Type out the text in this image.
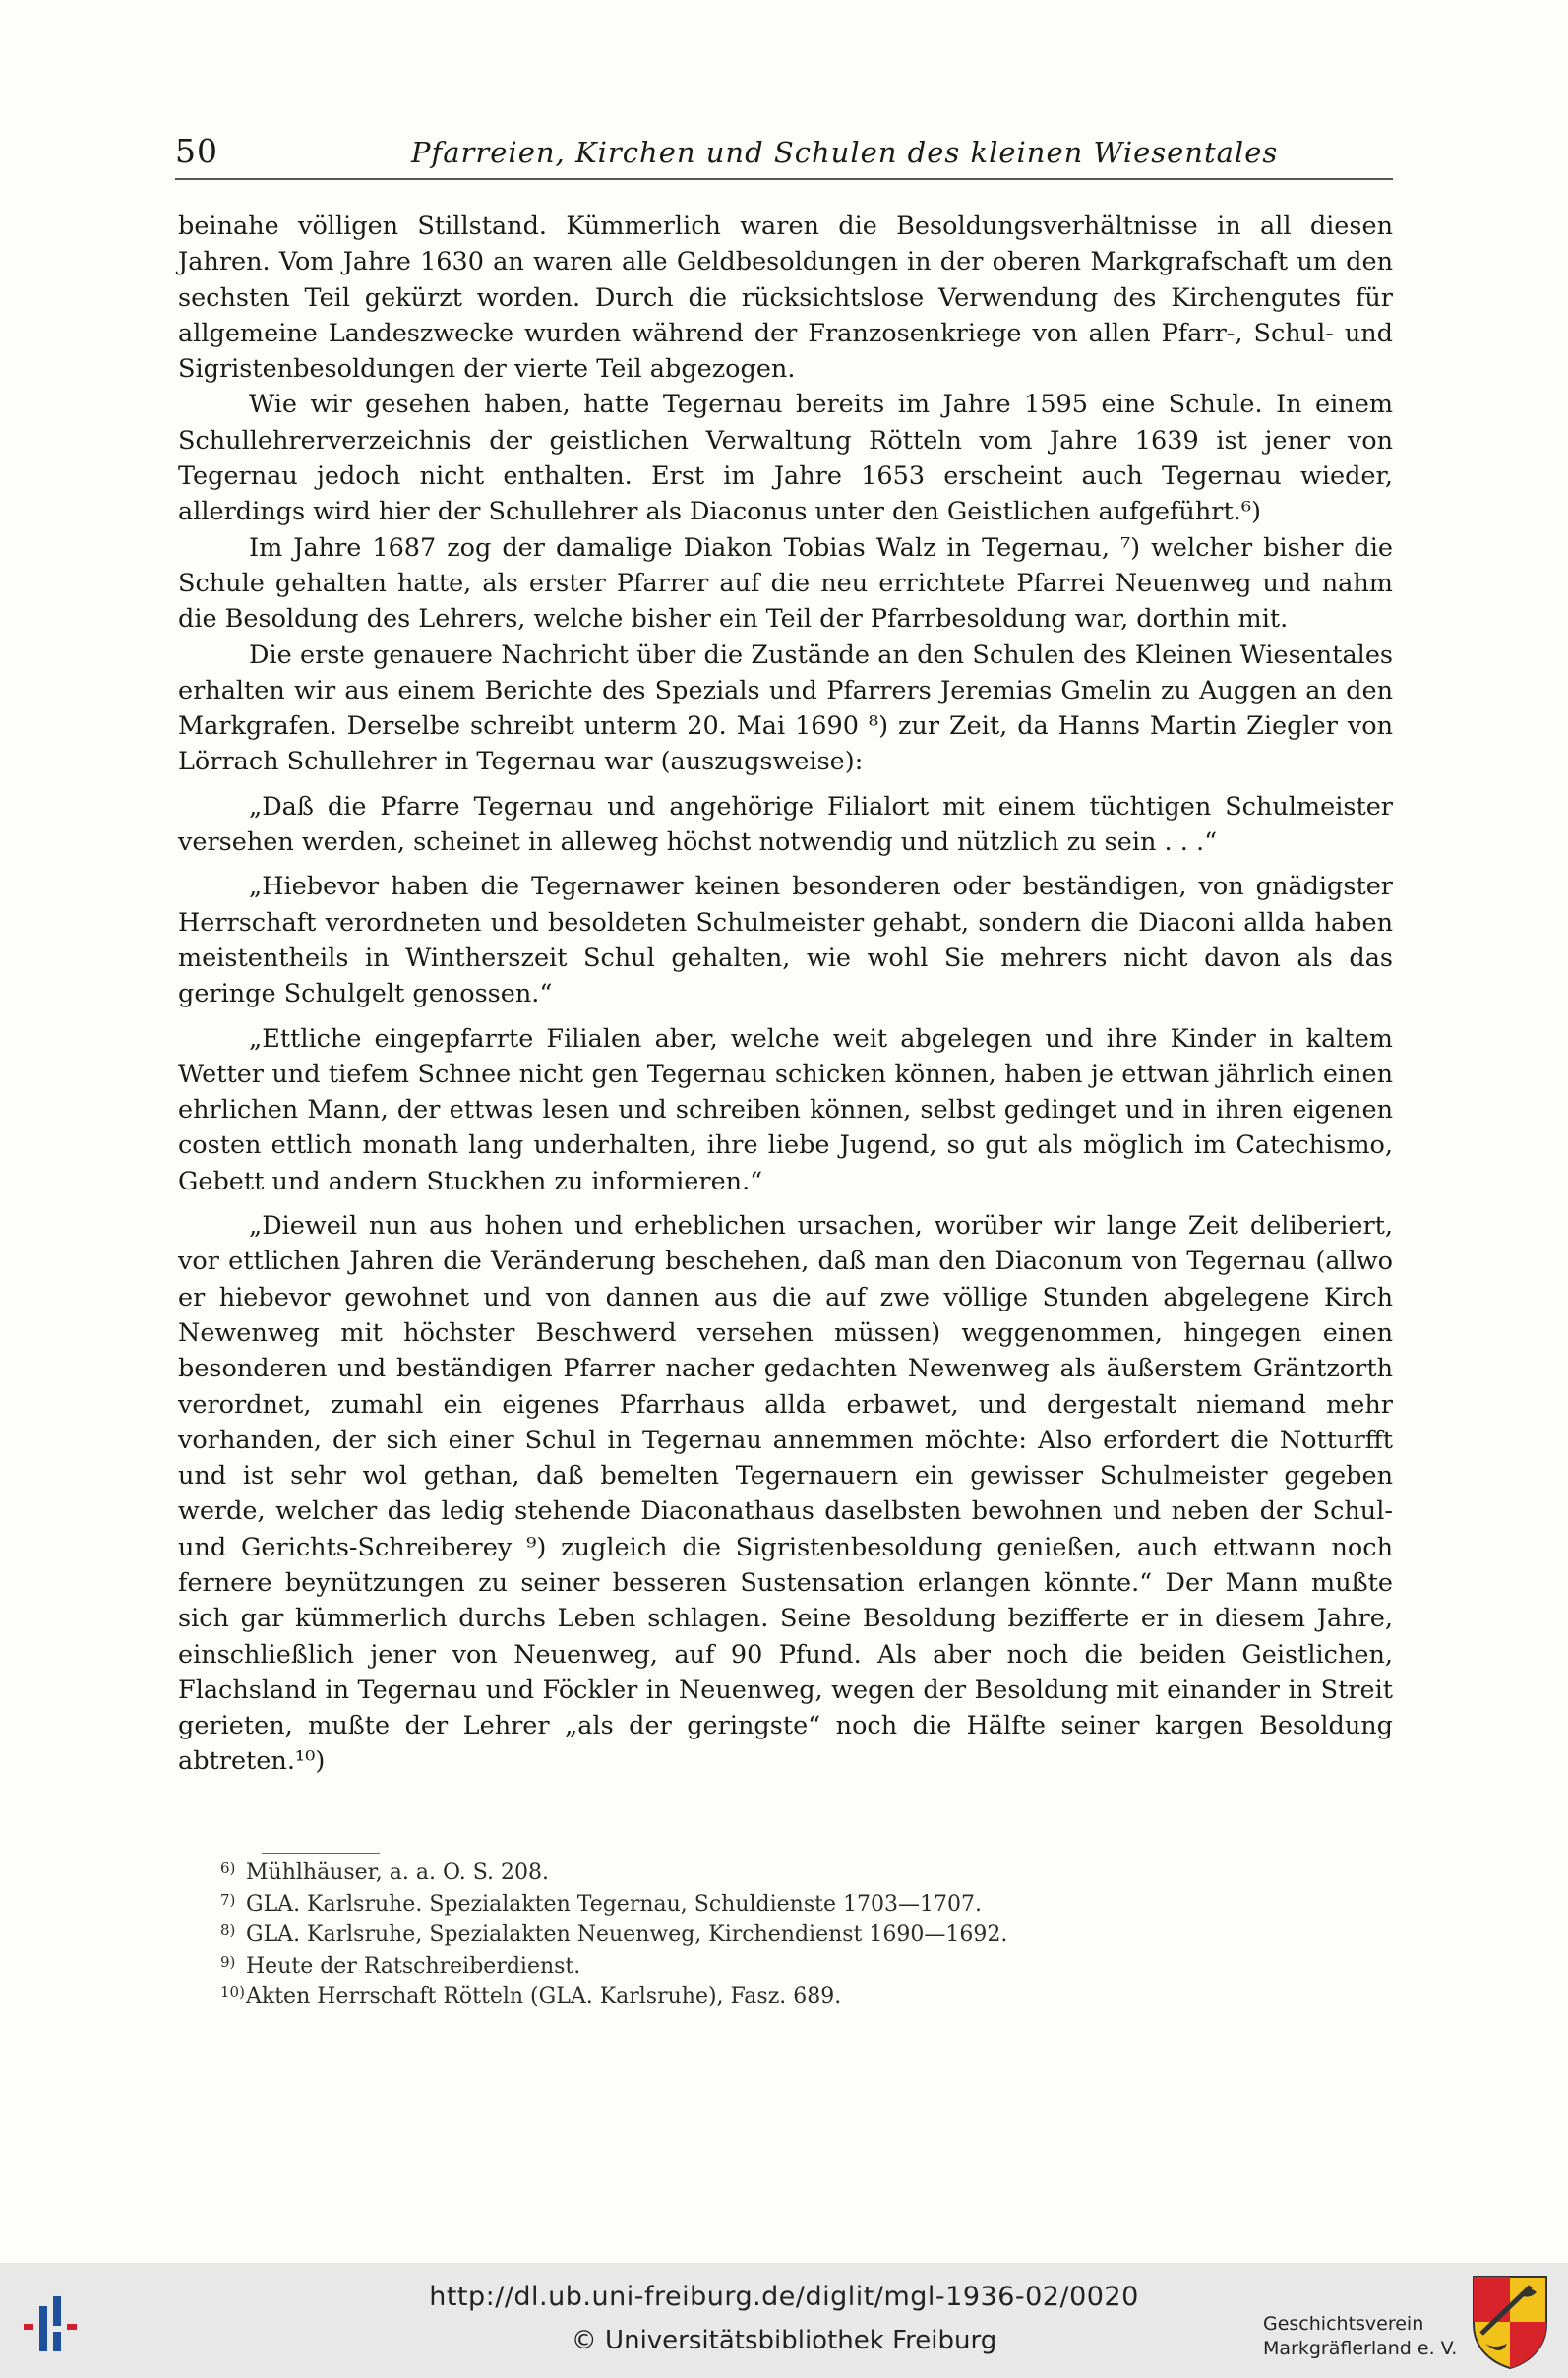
50	Pfarreien, Kirchen und Schulen des kleinen Wiesentales

beinahe völligen Stillstand. Kümmerlich waren die Besoldungsverhältnisse in all diesen Jahren. Vom Jahre 1630 an waren alle Geldbesoldungen in der oberen Markgrafschaft um den sechsten Teil gekürzt worden. Durch die rücksichtslose Verwendung des Kirchengutes für allgemeine Landeszwecke wurden während der Franzosenkriege von allen Pfarr-, Schul- und Sigristenbesoldungen der vierte Teil abgezogen.

Wie wir gesehen haben, hatte Tegernau bereits im Jahre 1595 eine Schule. In einem Schullehrerverzeichnis der geistlichen Verwaltung Rötteln vom Jahre 1639 ist jener von Tegernau jedoch nicht enthalten. Erst im Jahre 1653 erscheint auch Tegernau wieder, allerdings wird hier der Schullehrer als Diaconus unter den Geistlichen aufgeführt.⁶)

Im Jahre 1687 zog der damalige Diakon Tobias Walz in Tegernau, ⁷) welcher bisher die Schule gehalten hatte, als erster Pfarrer auf die neu errichtete Pfarrei Neuenweg und nahm die Besoldung des Lehrers, welche bisher ein Teil der Pfarrbesoldung war, dorthin mit.

Die erste genauere Nachricht über die Zustände an den Schulen des Kleinen Wiesentales erhalten wir aus einem Berichte des Spezials und Pfarrers Jeremias Gmelin zu Auggen an den Markgrafen. Derselbe schreibt unterm 20. Mai 1690 ⁸) zur Zeit, da Hanns Martin Ziegler von Lörrach Schullehrer in Tegernau war (auszugsweise):

„Daß die Pfarre Tegernau und angehörige Filialort mit einem tüchtigen Schulmeister versehen werden, scheinet in alleweg höchst notwendig und nützlich zu sein . . .“

„Hiebevor haben die Tegernawer keinen besonderen oder beständigen, von gnädigster Herrschaft verordneten und besoldeten Schulmeister gehabt, sondern die Diaconi allda haben meistentheils in Wintherszeit Schul gehalten, wie wohl Sie mehrers nicht davon als das geringe Schulgelt genossen.“

„Ettliche eingepfarrte Filialen aber, welche weit abgelegen und ihre Kinder in kaltem Wetter und tiefem Schnee nicht gen Tegernau schicken können, haben je ettwan jährlich einen ehrlichen Mann, der ettwas lesen und schreiben können, selbst gedinget und in ihren eigenen costen ettlich monath lang underhalten, ihre liebe Jugend, so gut als möglich im Catechismo, Gebett und andern Stuckhen zu informieren.“

„Dieweil nun aus hohen und erheblichen ursachen, worüber wir lange Zeit deliberiert, vor ettlichen Jahren die Veränderung beschehen, daß man den Diaconum von Tegernau (allwo er hiebevor gewohnet und von dannen aus die auf zwe völlige Stunden abgelegene Kirch Newenweg mit höchster Beschwerd versehen müssen) weggenommen, hingegen einen besonderen und beständigen Pfarrer nacher gedachten Newenweg als äußerstem Gräntzorth verordnet, zumahl ein eigenes Pfarrhaus allda erbawet, und dergestalt niemand mehr vorhanden, der sich einer Schul in Tegernau annemmen möchte: Also erfordert die Notturfft und ist sehr wol gethan, daß bemelten Tegernauern ein gewisser Schulmeister gegeben werde, welcher das ledig stehende Diaconathaus daselbsten bewohnen und neben der Schul- und Gerichts-Schreiberey ⁹) zugleich die Sigristenbesoldung genießen, auch ettwann noch fernere beynützungen zu seiner besseren Sustensation erlangen könnte.“ Der Mann mußte sich gar kümmerlich durchs Leben schlagen. Seine Besoldung bezifferte er in diesem Jahre, einschließlich jener von Neuenweg, auf 90 Pfund. Als aber noch die beiden Geistlichen, Flachsland in Tegernau und Föckler in Neuenweg, wegen der Besoldung mit einander in Streit gerieten, mußte der Lehrer „als der geringste“ noch die Hälfte seiner kargen Besoldung abtreten.¹⁰)

6) Mühlhäuser, a. a. O. S. 208.
7) GLA. Karlsruhe. Spezialakten Tegernau, Schuldienste 1703—1707.
8) GLA. Karlsruhe, Spezialakten Neuenweg, Kirchendienst 1690—1692.
9) Heute der Ratschreiberdienst.
10)Akten Herrschaft Rötteln (GLA. Karlsruhe), Fasz. 689.
http://dl.ub.uni-freiburg.de/diglit/mgl-1936-02/0020
© Universitätsbibliothek Freiburg
Geschichtsverein
Markgräflerland e. V.
